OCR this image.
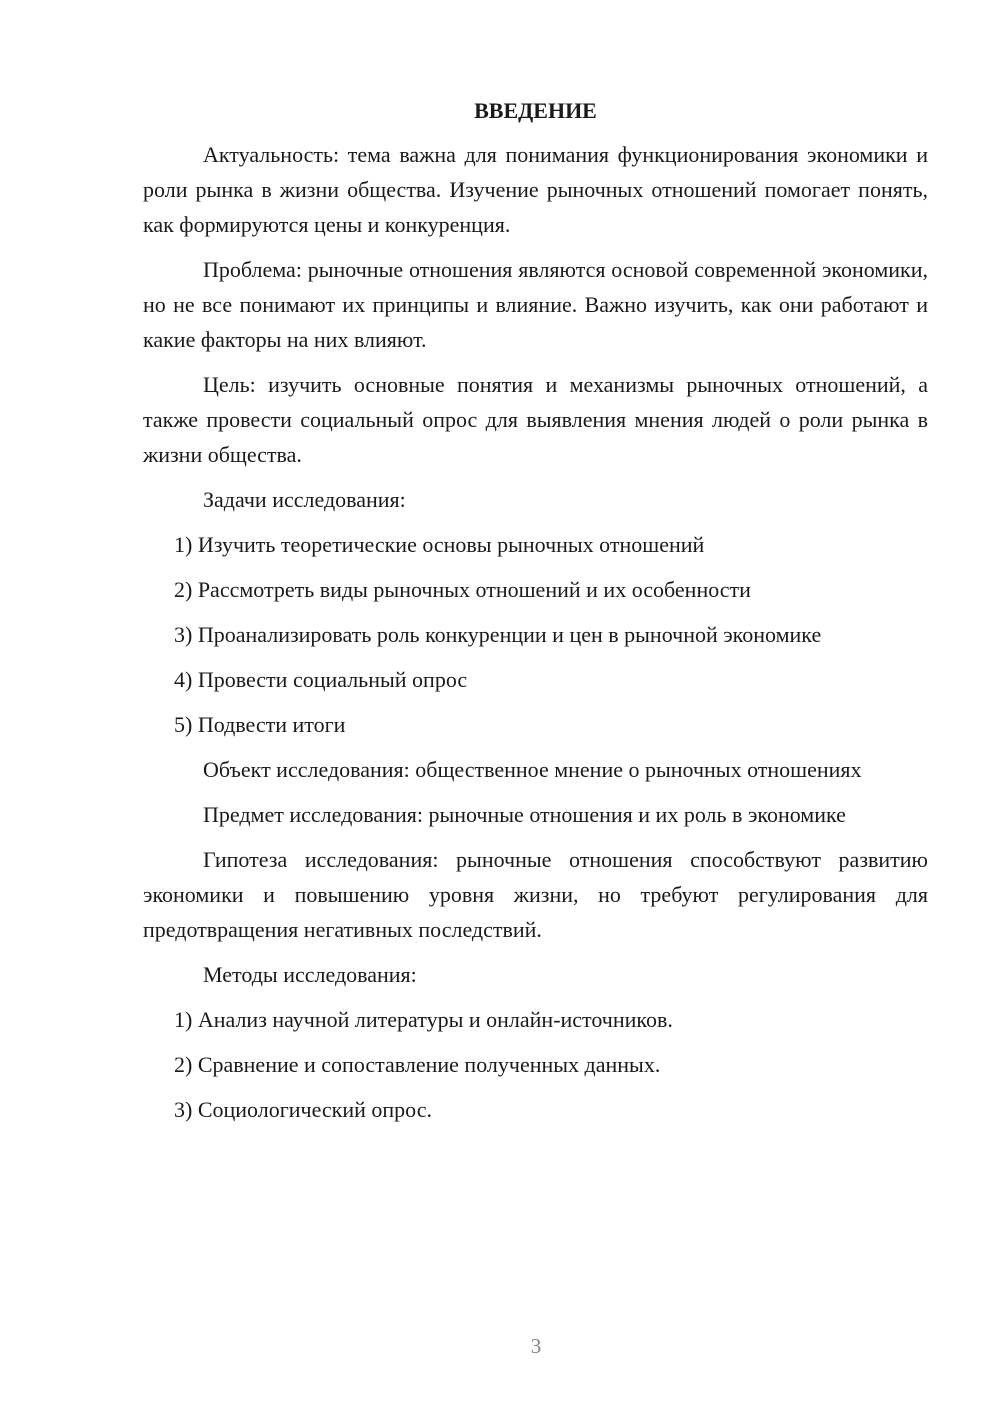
ВВЕДЕНИЕ

Актуальность: тема важна для понимания функционирования экономики и роли рынка в жизни общества. Изучение рыночных отношений помогает понять, как формируются цены и конкуренция.

Проблема: рыночные отношения являются основой современной экономики, но не все понимают их принципы и влияние. Важно изучить, как они работают и какие факторы на них влияют.

Цель: изучить основные понятия и механизмы рыночных отношений, а также провести социальный опрос для выявления мнения людей о роли рынка в жизни общества.

Задачи исследования:

1) Изучить теоретические основы рыночных отношений
2) Рассмотреть виды рыночных отношений и их особенности
3) Проанализировать роль конкуренции и цен в рыночной экономике
4) Провести социальный опрос
5) Подвести итоги

Объект исследования: общественное мнение о рыночных отношениях

Предмет исследования: рыночные отношения и их роль в экономике

Гипотеза исследования: рыночные отношения способствуют развитию экономики и повышению уровня жизни, но требуют регулирования для предотвращения негативных последствий.

Методы исследования:

1) Анализ научной литературы и онлайн-источников.
2) Сравнение и сопоставление полученных данных.
3) Социологический опрос.
3
